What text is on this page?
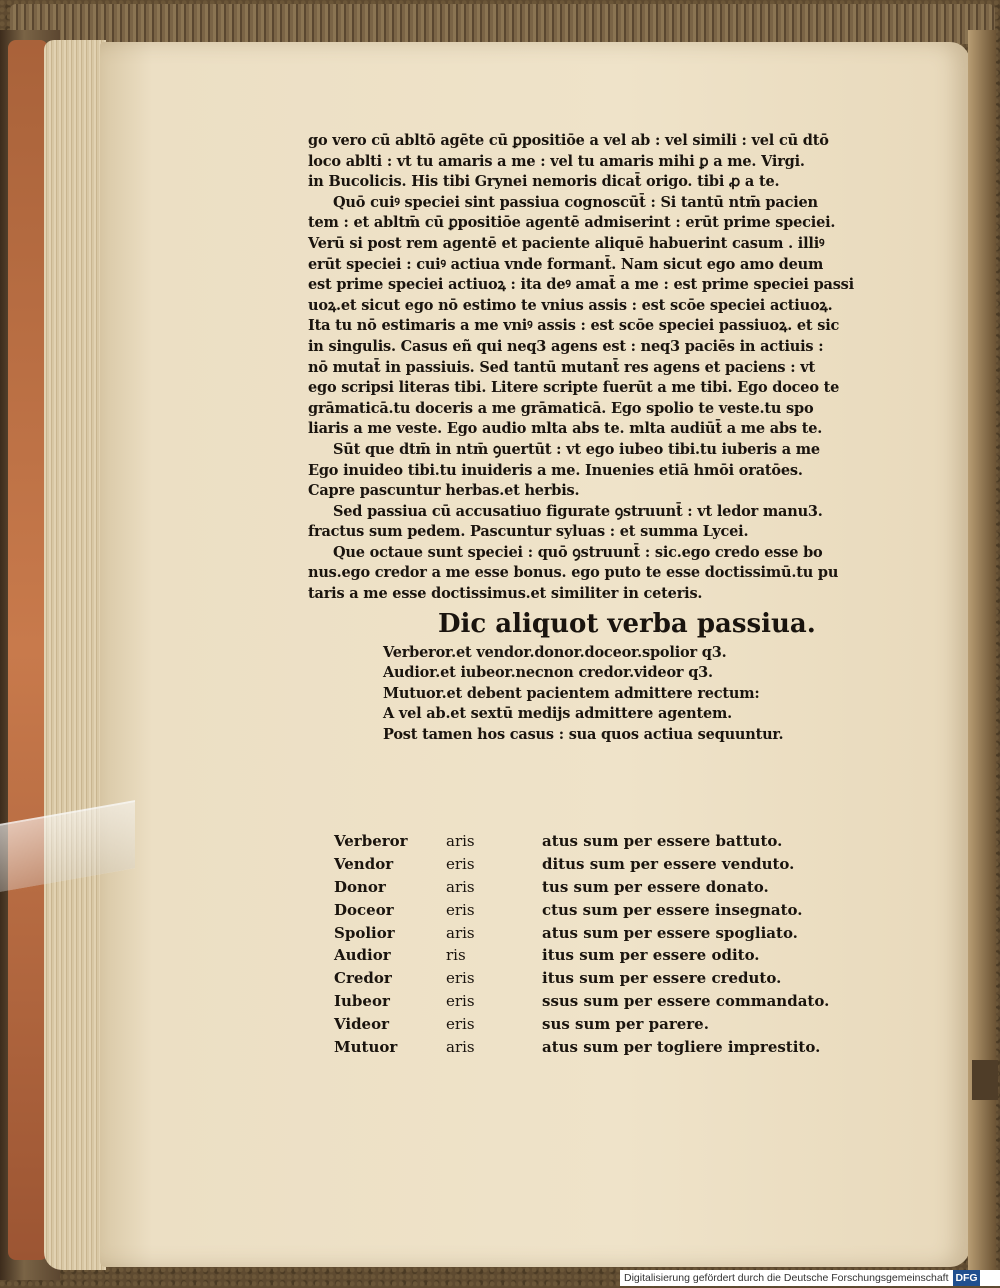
go vero cū abltō agēte cū ꝑpositiōe a vel ab : vel simili : vel cū dtō
loco ablti : vt tu amaris a me : vel tu amaris mihi ꝑ a me. Virgi.
in Bucolicis. His tibi Grynei nemoris dicat̄ origo. tibi ꝓ a te.
Quō cuiꝰ speciei sint passiua cognoscūt̄ : Si tantū ntm̄ pacien
tem : et abltm̄ cū ꝑpositiōe agentē admiserint : erūt prime speciei.
Verū si post rem agentē et paciente aliquē habuerint casum . illiꝰ
erūt speciei : cuiꝰ actiua vnde formant̄. Nam sicut ego amo deum
est prime speciei actiuoꝝ : ita deꝰ amat̄ a me : est prime speciei passi
uoꝝ.et sicut ego nō estimo te vnius assis : est scōe speciei actiuoꝝ.
Ita tu nō estimaris a me vniꝰ assis : est scōe speciei passiuoꝝ. et sic
in singulis. Casus eñ qui neq3 agens est : neq3 paciēs in actiuis :
nō mutat̄ in passiuis. Sed tantū mutant̄ res agens et paciens : vt
ego scripsi literas tibi. Litere scripte fuerūt a me tibi. Ego doceo te
grāmaticā.tu doceris a me grāmaticā. Ego spolio te veste.tu spo
liaris a me veste. Ego audio mlta abs te. mlta audiūt̄ a me abs te.
Sūt que dtm̄ in ntm̄ ꝯuertūt : vt ego iubeo tibi.tu iuberis a me
Ego inuideo tibi.tu inuideris a me. Inuenies etiā hmōi oratōes.
Capre pascuntur herbas.et herbis.
Sed passiua cū accusatiuo figurate ꝯstruunt̄ : vt ledor manu3.
fractus sum pedem. Pascuntur syluas : et summa Lycei.
Que octaue sunt speciei : quō ꝯstruunt̄ : sic.ego credo esse bo
nus.ego credor a me esse bonus. ego puto te esse doctissimū.tu pu
taris a me esse doctissimus.et similiter in ceteris.
Dic aliquot verba passiua.
Verberor.et vendor.donor.doceor.spolior q3.
Audior.et iubeor.necnon credor.videor q3.
Mutuor.et debent pacientem admittere rectum:
A vel ab.et sextū medijs admittere agentem.
Post tamen hos casus : sua quos actiua sequuntur.
Verberor	aris	atus sum per essere battuto.
Vendor	eris	ditus sum per essere venduto.
Donor	aris	tus sum per essere donato.
Doceor	eris	ctus sum per essere insegnato.
Spolior	aris	atus sum per essere spogliato.
Audior	ris	itus sum per essere odito.
Credor	eris	itus sum per essere creduto.
Iubeor	eris	ssus sum per essere commandato.
Videor	eris	sus sum per parere.
Mutuor	aris	atus sum per togliere imprestito.
Digitalisierung gefördert durch die Deutsche Forschungsgemeinschaft DFG
